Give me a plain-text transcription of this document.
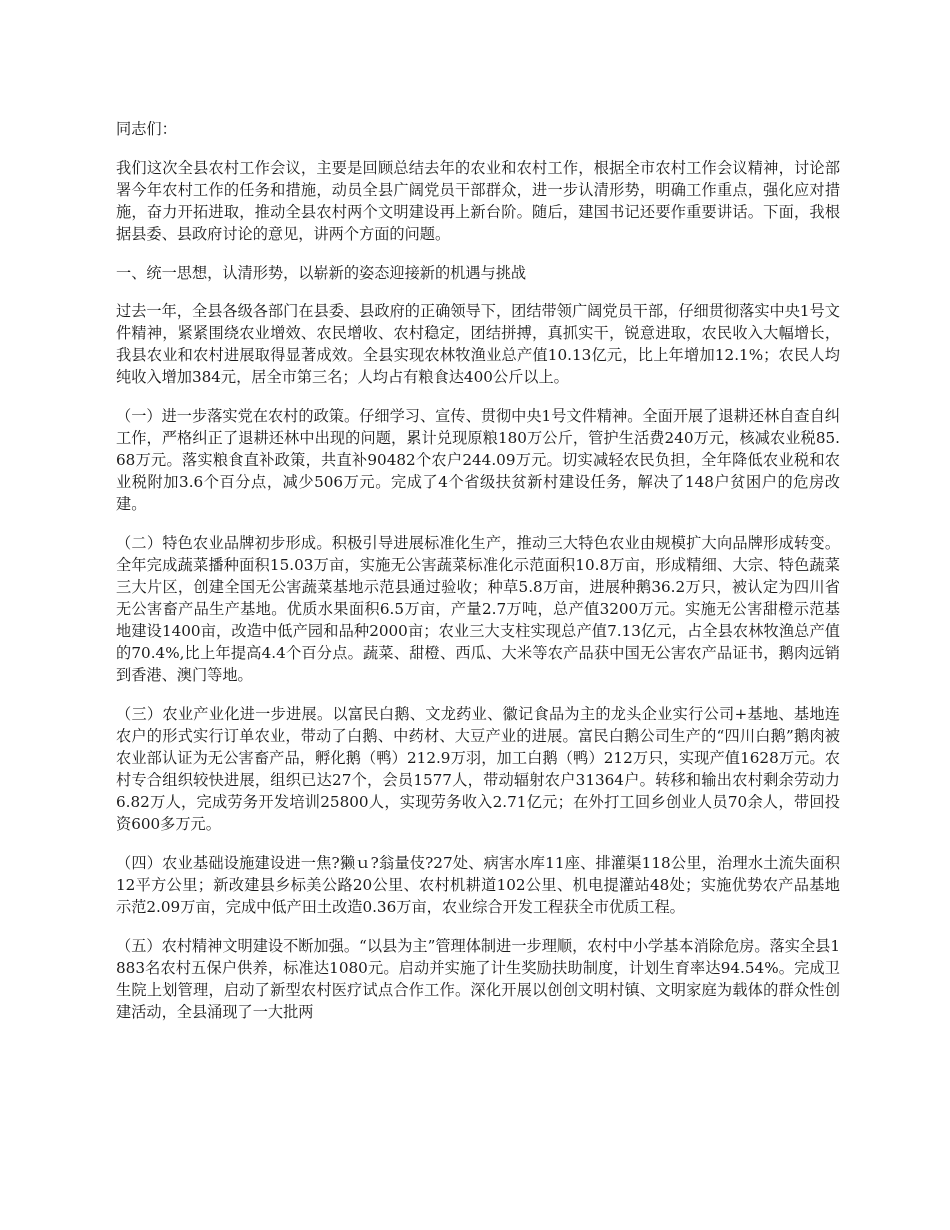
同志们：

我们这次全县农村工作会议，主要是回顾总结去年的农业和农村工作，根据全市农村工作会议精神，讨论部署今年农村工作的任务和措施，动员全县广阔党员干部群众，进一步认清形势，明确工作重点，强化应对措施，奋力开拓进取，推动全县农村两个文明建设再上新台阶。随后，建国书记还要作重要讲话。下面，我根据县委、县政府讨论的意见，讲两个方面的问题。

一、统一思想，认清形势，以崭新的姿态迎接新的机遇与挑战

过去一年，全县各级各部门在县委、县政府的正确领导下，团结带领广阔党员干部，仔细贯彻落实中央1号文件精神，紧紧围绕农业增效、农民增收、农村稳定，团结拼搏，真抓实干，锐意进取，农民收入大幅增长，我县农业和农村进展取得显著成效。全县实现农林牧渔业总产值10.13亿元，比上年增加12.1%；农民人均纯收入增加384元，居全市第三名；人均占有粮食达400公斤以上。

（一）进一步落实党在农村的政策。仔细学习、宣传、贯彻中央1号文件精神。全面开展了退耕还林自查自纠工作，严格纠正了退耕还林中出现的问题，累计兑现原粮180万公斤，管护生活费240万元，核减农业税85.68万元。落实粮食直补政策，共直补90482个农户244.09万元。切实减轻农民负担，全年降低农业税和农业税附加3.6个百分点，减少506万元。完成了4个省级扶贫新村建设任务，解决了148户贫困户的危房改建。

（二）特色农业品牌初步形成。积极引导进展标准化生产，推动三大特色农业由规模扩大向品牌形成转变。全年完成蔬菜播种面积15.03万亩，实施无公害蔬菜标准化示范面积10.8万亩，形成精细、大宗、特色蔬菜三大片区，创建全国无公害蔬菜基地示范县通过验收；种草5.8万亩，进展种鹅36.2万只，被认定为四川省无公害畜产品生产基地。优质水果面积6.5万亩，产量2.7万吨，总产值3200万元。实施无公害甜橙示范基地建设1400亩，改造中低产园和品种2000亩；农业三大支柱实现总产值7.13亿元，占全县农林牧渔总产值的70.4%,比上年提高4.4个百分点。蔬菜、甜橙、西瓜、大米等农产品获中国无公害农产品证书，鹅肉远销到香港、澳门等地。

（三）农业产业化进一步进展。以富民白鹅、文龙药业、徽记食品为主的龙头企业实行公司+基地、基地连农户的形式实行订单农业，带动了白鹅、中药材、大豆产业的进展。富民白鹅公司生产的“四川白鹅”鹅肉被农业部认证为无公害畜产品，孵化鹅（鸭）212.9万羽，加工白鹅（鸭）212万只，实现产值1628万元。农村专合组织较快进展，组织已达27个，会员1577人，带动辐射农户31364户。转移和输出农村剩余劳动力6.82万人，完成劳务开发培训25800人，实现劳务收入2.71亿元；在外打工回乡创业人员70余人，带回投资600多万元。

（四）农业基础设施建设进一焦?獭ｕ?翁量伎?27处、病害水库11座、排灌渠118公里，治理水土流失面积12平方公里；新改建县乡标美公路20公里、农村机耕道102公里、机电提灌站48处；实施优势农产品基地示范2.09万亩，完成中低产田土改造0.36万亩，农业综合开发工程获全市优质工程。

（五）农村精神文明建设不断加强。“以县为主”管理体制进一步理顺，农村中小学基本消除危房。落实全县1883名农村五保户供养，标准达1080元。启动并实施了计生奖励扶助制度，计划生育率达94.54%。完成卫生院上划管理，启动了新型农村医疗试点合作工作。深化开展以创创文明村镇、文明家庭为载体的群众性创建活动，全县涌现了一大批两
